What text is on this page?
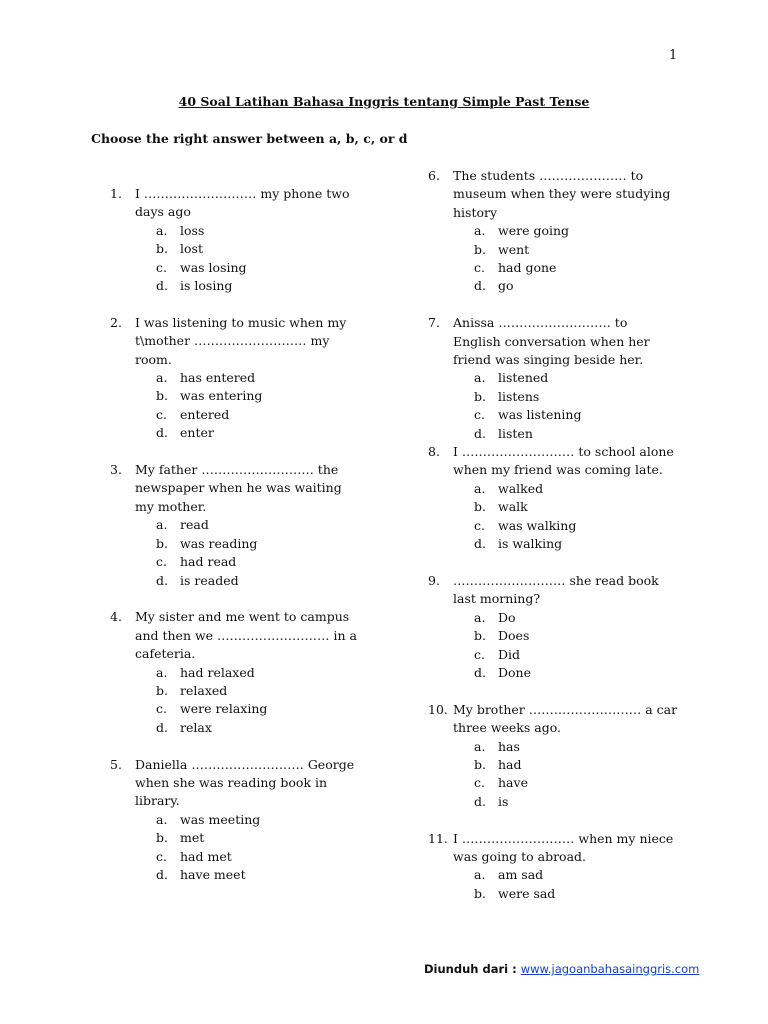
1
40 Soal Latihan Bahasa Inggris tentang Simple Past Tense
Choose the right answer between a, b, c, or d
1. I ……………………… my phone two days ago
a. loss
b. lost
c. was losing
d. is losing
2. I was listening to music when my t\mother ……………………… my room.
a. has entered
b. was entering
c. entered
d. enter
3. My father ……………………… the newspaper when he was waiting my mother.
a. read
b. was reading
c. had read
d. is readed
4. My sister and me went to campus and then we ……………………… in a cafeteria.
a. had relaxed
b. relaxed
c. were relaxing
d. relax
5. Daniella ……………………… George when she was reading book in library.
a. was meeting
b. met
c. had met
d. have meet
6. The students ………………… to museum when they were studying history
a. were going
b. went
c. had gone
d. go
7. Anissa ……………………… to English conversation when her friend was singing beside her.
a. listened
b. listens
c. was listening
d. listen
8. I ……………………… to school alone when my friend was coming late.
a. walked
b. walk
c. was walking
d. is walking
9. ……………………… she read book last morning?
a. Do
b. Does
c. Did
d. Done
10. My brother ……………………… a car three weeks ago.
a. has
b. had
c. have
d. is
11. I ……………………… when my niece was going to abroad.
a. am sad
b. were sad
Diunduh dari : www.jagoanbahasainggris.com
